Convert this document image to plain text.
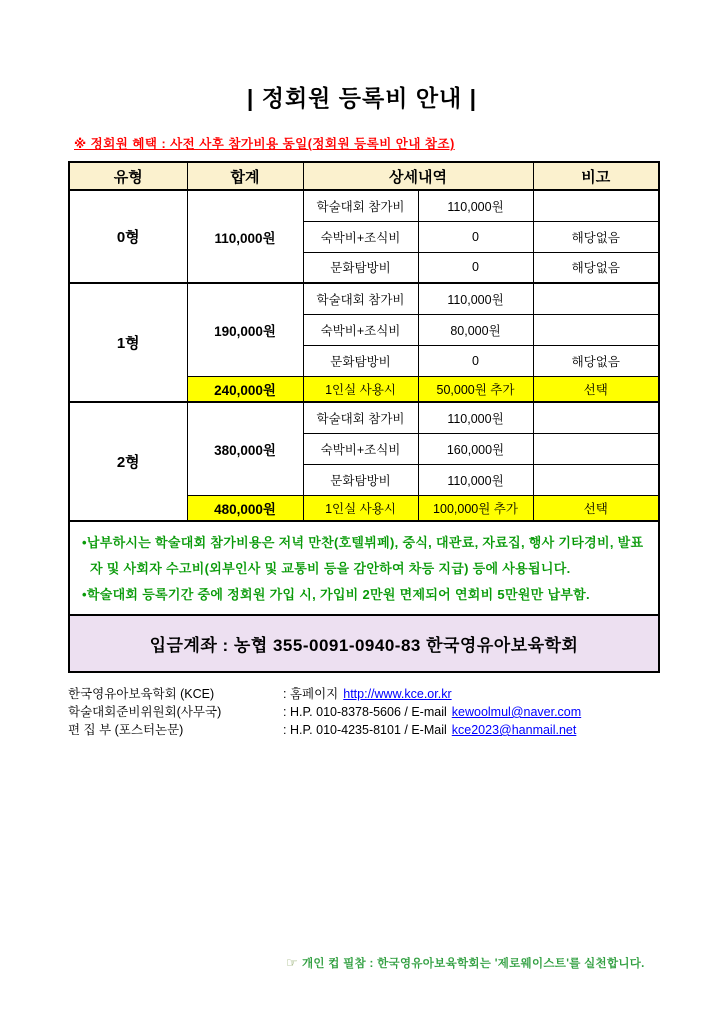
| 정회원 등록비 안내 |
※ 정회원 혜택 : 사전 사후 참가비용 동일(정회원 등록비 안내 참조)
유형	합계	상세내역		비고
0형	110,000원	학술대회 참가비	110,000원	
		숙박비+조식비	0	해당없음
		문화탐방비	0	해당없음
1형	190,000원	학술대회 참가비	110,000원	
		숙박비+조식비	80,000원	
		문화탐방비	0	해당없음
	240,000원	1인실 사용시	50,000원 추가	선택
2형	380,000원	학술대회 참가비	110,000원	
		숙박비+조식비	160,000원	
		문화탐방비	110,000원	
	480,000원	1인실 사용시	100,000원 추가	선택

•납부하시는 학술대회 참가비용은 저녁 만찬(호텔뷔페), 중식, 대관료, 자료집, 행사 기타경비, 발표자 및 사회자 수고비(외부인사 및 교통비 등을 감안하여 차등 지급) 등에 사용됩니다.
•학술대회 등록기간 중에 정회원 가입 시, 가입비 2만원 면제되어 연회비 5만원만 납부함.				

입금계좌 : 농협 355-0091-0940-83 한국영유아보육학회				
한국영유아보육학회 (KCE)	: 홈페이지 http://www.kce.or.kr
학술대회준비위원회(사무국)	: H.P. 010-8378-5606 / E-mail kewoolmul@naver.com
편 집 부 (포스터논문)	: H.P. 010-4235-8101 / E-Mail kce2023@hanmail.net
☞ 개인 컵 필참 : 한국영유아보육학회는 '제로웨이스트'를 실천합니다.
